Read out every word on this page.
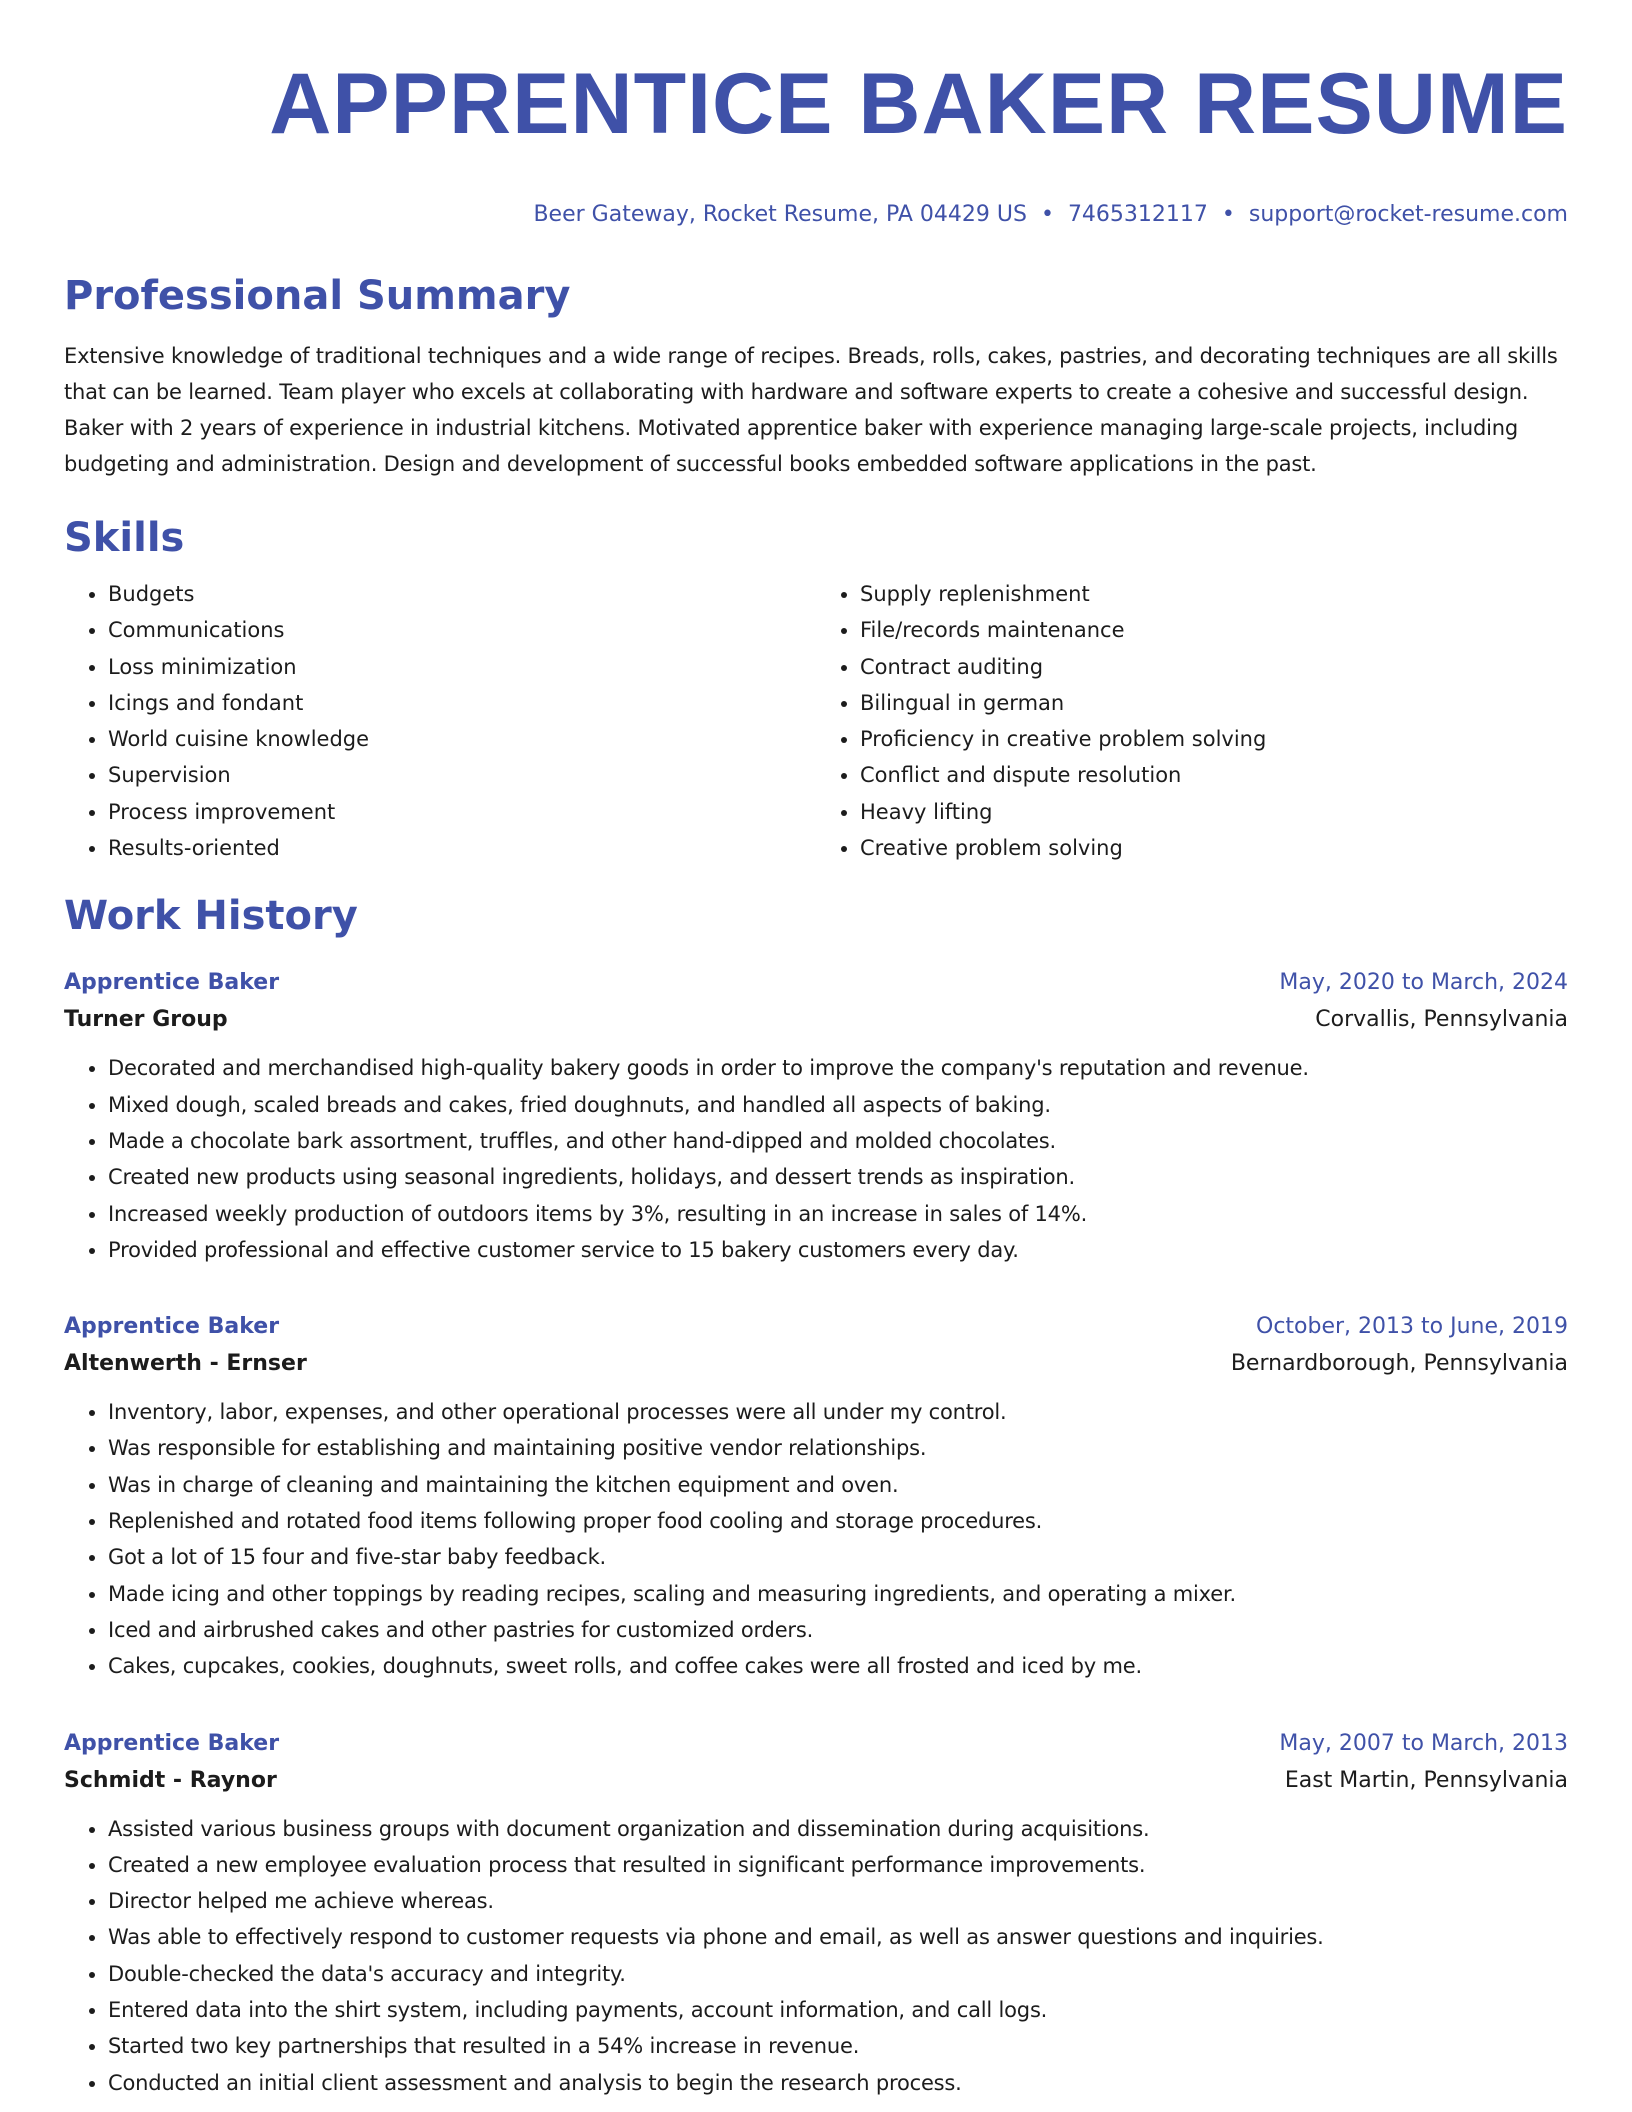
APPRENTICE BAKER RESUME
Beer Gateway, Rocket Resume, PA 04429 US • 7465312117 • support@rocket-resume.com
Professional Summary

Extensive knowledge of traditional techniques and a wide range of recipes. Breads, rolls, cakes, pastries, and decorating techniques are all skills that can be learned. Team player who excels at collaborating with hardware and software experts to create a cohesive and successful design. Baker with 2 years of experience in industrial kitchens. Motivated apprentice baker with experience managing large-scale projects, including budgeting and administration. Design and development of successful books embedded software applications in the past.

Skills
• Budgets
• Communications
• Loss minimization
• Icings and fondant
• World cuisine knowledge
• Supervision
• Process improvement
• Results-oriented
• Supply replenishment
• File/records maintenance
• Contract auditing
• Bilingual in german
• Proficiency in creative problem solving
• Conflict and dispute resolution
• Heavy lifting
• Creative problem solving
Work History
Apprentice Baker	May, 2020 to March, 2024
Turner Group	Corvallis, Pennsylvania
• Decorated and merchandised high-quality bakery goods in order to improve the company's reputation and revenue.
• Mixed dough, scaled breads and cakes, fried doughnuts, and handled all aspects of baking.
• Made a chocolate bark assortment, truffles, and other hand-dipped and molded chocolates.
• Created new products using seasonal ingredients, holidays, and dessert trends as inspiration.
• Increased weekly production of outdoors items by 3%, resulting in an increase in sales of 14%.
• Provided professional and effective customer service to 15 bakery customers every day.
Apprentice Baker	October, 2013 to June, 2019
Altenwerth - Ernser	Bernardborough, Pennsylvania
• Inventory, labor, expenses, and other operational processes were all under my control.
• Was responsible for establishing and maintaining positive vendor relationships.
• Was in charge of cleaning and maintaining the kitchen equipment and oven.
• Replenished and rotated food items following proper food cooling and storage procedures.
• Got a lot of 15 four and five-star baby feedback.
• Made icing and other toppings by reading recipes, scaling and measuring ingredients, and operating a mixer.
• Iced and airbrushed cakes and other pastries for customized orders.
• Cakes, cupcakes, cookies, doughnuts, sweet rolls, and coffee cakes were all frosted and iced by me.
Apprentice Baker	May, 2007 to March, 2013
Schmidt - Raynor	East Martin, Pennsylvania
• Assisted various business groups with document organization and dissemination during acquisitions.
• Created a new employee evaluation process that resulted in significant performance improvements.
• Director helped me achieve whereas.
• Was able to effectively respond to customer requests via phone and email, as well as answer questions and inquiries.
• Double-checked the data's accuracy and integrity.
• Entered data into the shirt system, including payments, account information, and call logs.
• Started two key partnerships that resulted in a 54% increase in revenue.
• Conducted an initial client assessment and analysis to begin the research process.
